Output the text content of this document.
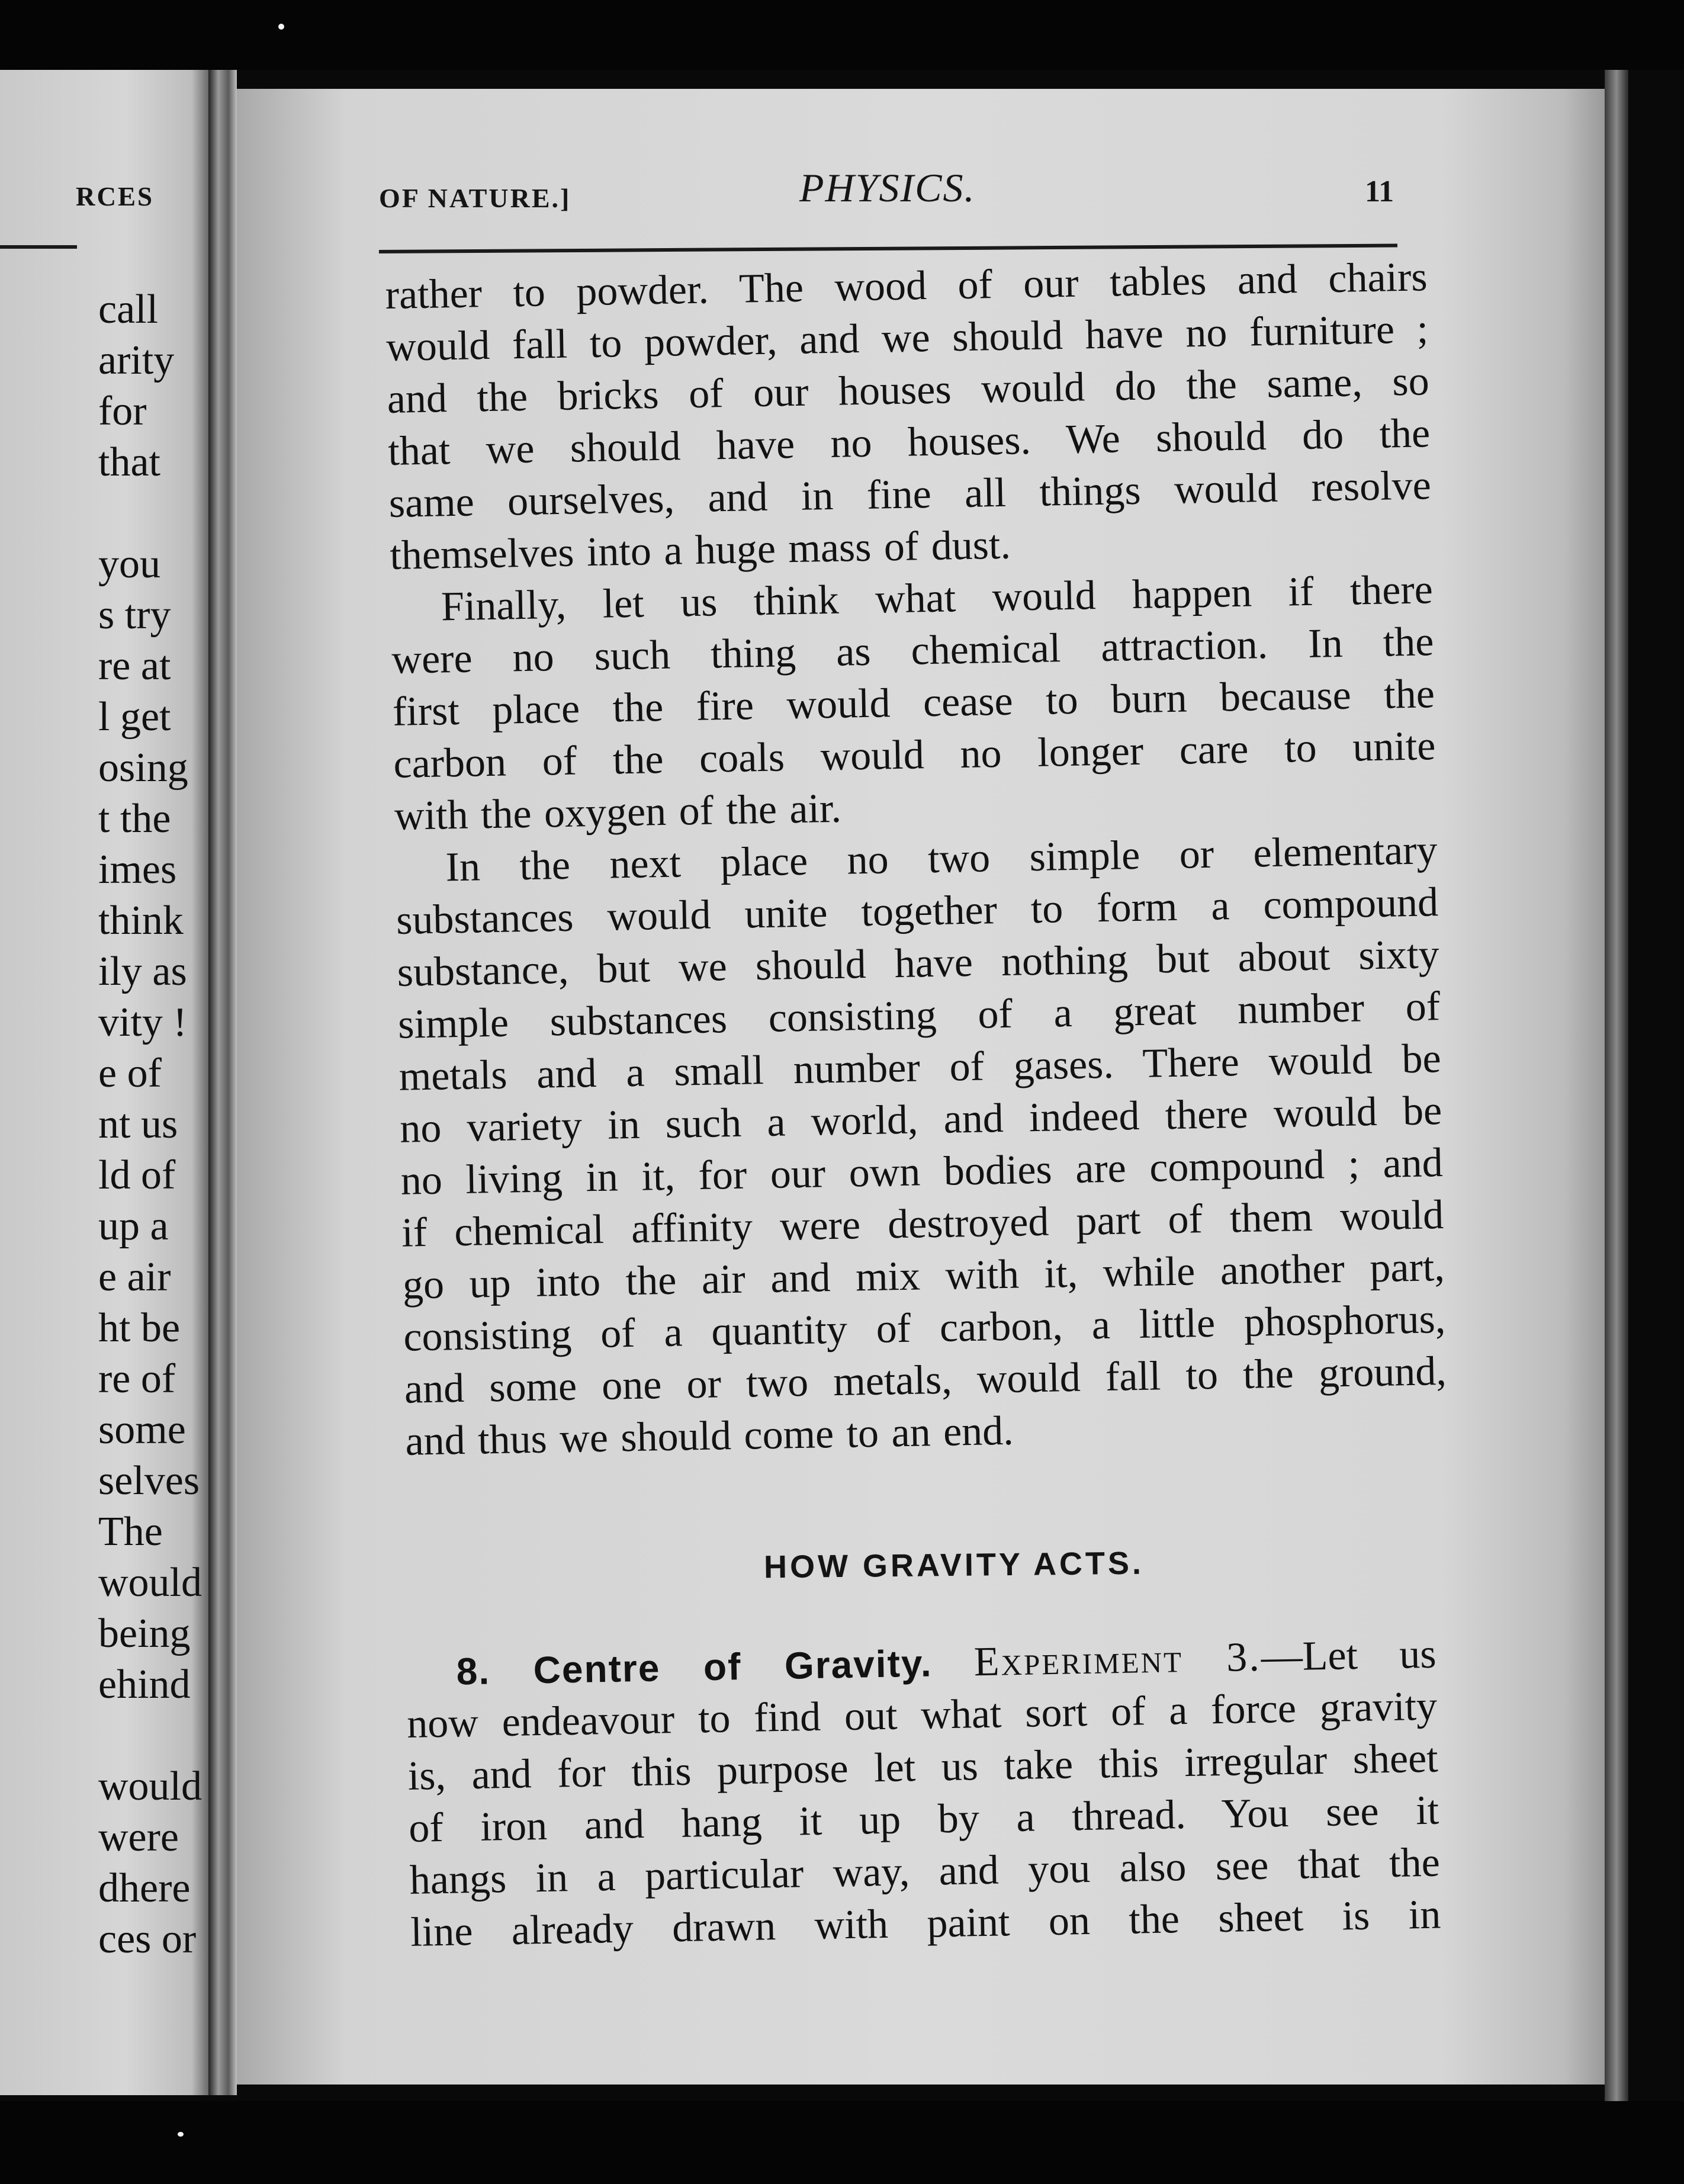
RCES
call
arity
for
that
you
s try
re at
l get
osing
t the
imes
think
ily as
vity !
e of
nt us
ld of
up a
e air
ht be
re of
some
selves
The
would
being
ehind
would
were
dhere
ces or
OF NATURE.]	PHYSICS.	11
rather to powder. The wood of our tables and chairs
would fall to powder, and we should have no furniture ;
and the bricks of our houses would do the same, so
that we should have no houses. We should do the
same ourselves, and in fine all things would resolve
themselves into a huge mass of dust.
Finally, let us think what would happen if there
were no such thing as chemical attraction. In the
first place the fire would cease to burn because the
carbon of the coals would no longer care to unite
with the oxygen of the air.
In the next place no two simple or elementary
substances would unite together to form a compound
substance, but we should have nothing but about sixty
simple substances consisting of a great number of
metals and a small number of gases. There would be
no variety in such a world, and indeed there would be
no living in it, for our own bodies are compound ; and
if chemical affinity were destroyed part of them would
go up into the air and mix with it, while another part,
consisting of a quantity of carbon, a little phosphorus,
and some one or two metals, would fall to the ground,
and thus we should come to an end.
HOW GRAVITY ACTS.
8. Centre of Gravity. Experiment 3.—Let us
now endeavour to find out what sort of a force gravity
is, and for this purpose let us take this irregular sheet
of iron and hang it up by a thread. You see it
hangs in a particular way, and you also see that the
line already drawn with paint on the sheet is in
